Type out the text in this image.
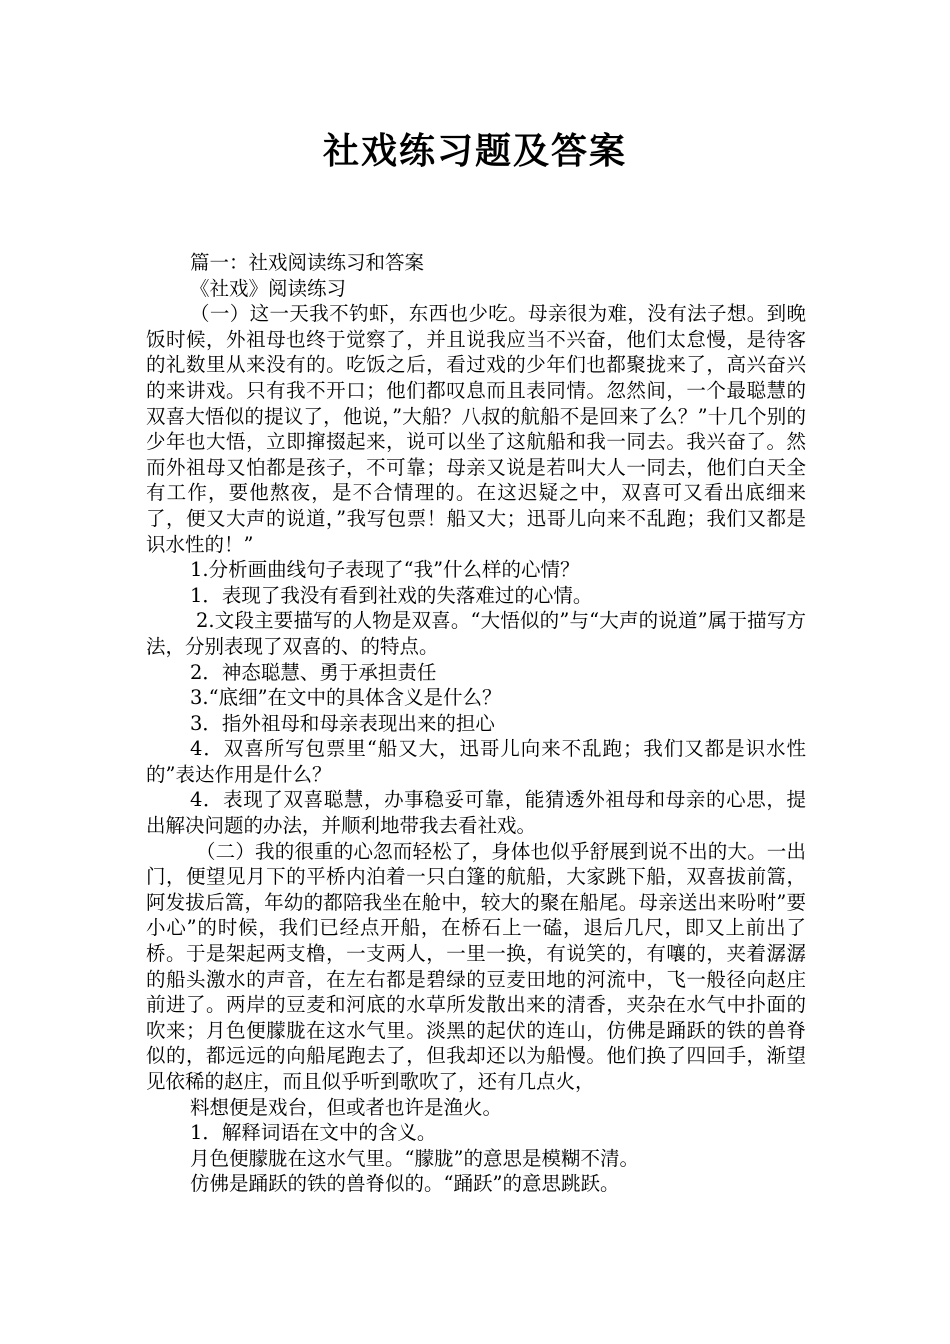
社戏练习题及答案

篇一：社戏阅读练习和答案

《社戏》阅读练习

（一）这一天我不钓虾，东西也少吃。母亲很为难，没有法子想。到晚饭时候，外祖母也终于觉察了，并且说我应当不兴奋，他们太怠慢，是待客的礼数里从来没有的。吃饭之后，看过戏的少年们也都聚拢来了，高兴奋兴的来讲戏。只有我不开口；他们都叹息而且表同情。忽然间，一个最聪慧的双喜大悟似的提议了，他说，”大船？八叔的航船不是回来了么？”十几个别的少年也大悟，立即撺掇起来，说可以坐了这航船和我一同去。我兴奋了。然而外祖母又怕都是孩子，不可靠；母亲又说是若叫大人一同去，他们白天全有工作，要他熬夜，是不合情理的。在这迟疑之中，双喜可又看出底细来了，便又大声的说道，”我写包票！船又大；迅哥儿向来不乱跑；我们又都是识水性的！”

1.分析画曲线句子表现了“我”什么样的心情？

1．表现了我没有看到社戏的失落难过的心情。

2.文段主要描写的人物是双喜。“大悟似的”与“大声的说道”属于描写方法，分别表现了双喜的、的特点。

2．神态聪慧、勇于承担责任

3.“底细”在文中的具体含义是什么？

3．指外祖母和母亲表现出来的担心

4．双喜所写包票里“船又大，迅哥儿向来不乱跑；我们又都是识水性的”表达作用是什么？

4．表现了双喜聪慧，办事稳妥可靠，能猜透外祖母和母亲的心思，提出解决问题的办法，并顺利地带我去看社戏。

（二）我的很重的心忽而轻松了，身体也似乎舒展到说不出的大。一出门，便望见月下的平桥内泊着一只白篷的航船，大家跳下船，双喜拔前篙，阿发拔后篙，年幼的都陪我坐在舱中，较大的聚在船尾。母亲送出来吩咐”要小心”的时候，我们已经点开船，在桥石上一磕，退后几尺，即又上前出了桥。于是架起两支橹，一支两人，一里一换，有说笑的，有嚷的，夹着潺潺的船头激水的声音，在左右都是碧绿的豆麦田地的河流中，飞一般径向赵庄前进了。两岸的豆麦和河底的水草所发散出来的清香，夹杂在水气中扑面的吹来；月色便朦胧在这水气里。淡黑的起伏的连山，仿佛是踊跃的铁的兽脊似的，都远远的向船尾跑去了，但我却还以为船慢。他们换了四回手，渐望见依稀的赵庄，而且似乎听到歌吹了，还有几点火，

料想便是戏台，但或者也许是渔火。

1．解释词语在文中的含义。

月色便朦胧在这水气里。“朦胧”的意思是模糊不清。

仿佛是踊跃的铁的兽脊似的。“踊跃”的意思跳跃。
